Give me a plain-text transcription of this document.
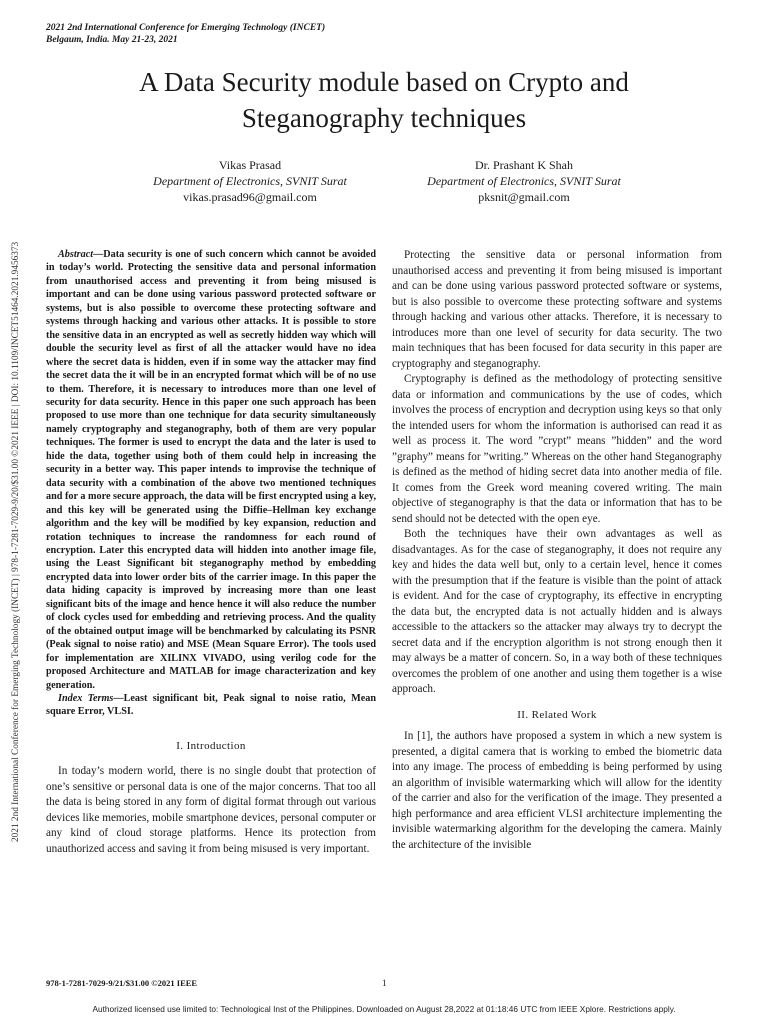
2021 2nd International Conference for Emerging Technology (INCET)
Belgaum, India. May 21-23, 2021
A Data Security module based on Crypto and
Steganography techniques
Vikas Prasad
Department of Electronics, SVNIT Surat
vikas.prasad96@gmail.com
Dr. Prashant K Shah
Department of Electronics, SVNIT Surat
pksnit@gmail.com
2021 2nd International Conference for Emerging Technology (INCET) | 978-1-7281-7029-9/20/$31.00 ©2021 IEEE | DOI: 10.1109/INCET51464.2021.9456373	Abstract—Data security is one of such concern which cannot be avoided in today’s world. Protecting the sensitive data and personal information from unauthorised access and preventing it from being misused is important and can be done using various password protected software or systems, but is also possible to overcome these protecting software and systems through hacking and various other attacks. It is possible to store the sensitive data in an encrypted as well as secretly hidden way which will double the security level as first of all the attacker would have no idea where the secret data is hidden, even if in some way the attacker may find the secret data the it will be in an encrypted format which will be of no use to them. Therefore, it is necessary to introduces more than one level of security for data security. Hence in this paper one such approach has been proposed to use more than one technique for data security simultaneously namely cryptography and steganography, both of them are very popular techniques. The former is used to encrypt the data and the later is used to hide the data, together using both of them could help in increasing the security in a better way. This paper intends to improvise the technique of data security with a combination of the above two mentioned techniques and for a more secure approach, the data will be first encrypted using a key, and this key will be generated using the Diffie–Hellman key exchange algorithm and the key will be modified by key expansion, reduction and rotation techniques to increase the randomness for each round of encryption. Later this encrypted data will hidden into another image file, using the Least Significant bit steganography method by embedding encrypted data into lower order bits of the carrier image. In this paper the data hiding capacity is improved by increasing more than one least significant bits of the image and hence hence it will also reduce the number of clock cycles used for embedding and retrieving process. And the quality of the obtained output image will be benchmarked by calculating its PSNR (Peak signal to noise ratio) and MSE (Mean Square Error). The tools used for implementation are XILINX VIVADO, using verilog code for the proposed Architecture and MATLAB for image characterization and key generation.
Index Terms—Least significant bit, Peak signal to noise ratio, Mean square Error, VLSI.
I. Introduction

In today’s modern world, there is no single doubt that protection of one’s sensitive or personal data is one of the major concerns. That too all the data is being stored in any form of digital format through out various devices like memories, mobile smartphone devices, personal computer or any kind of cloud storage platforms. Hence its protection from unauthorized access and saving it from being misused is very important.

Protecting the sensitive data or personal information from unauthorised access and preventing it from being misused is important and can be done using various password protected software or systems, but is also possible to overcome these protecting software and systems through hacking and various other attacks. Therefore, it is necessary to introduces more than one level of security for data security. The two main techniques that has been focused for data security in this paper are cryptography and steganography.

Cryptography is defined as the methodology of protecting sensitive data or information and communications by the use of codes, which involves the process of encryption and decryption using keys so that only the intended users for whom the information is authorised can read it as well as process it. The word ”crypt” means ”hidden” and the word ”graphy” means for ”writing.” Whereas on the other hand Steganography is defined as the method of hiding secret data into another media of file. It comes from the Greek word meaning covered writing. The main objective of steganography is that the data or information that has to be send should not be detected with the open eye.

Both the techniques have their own advantages as well as disadvantages. As for the case of steganography, it does not require any key and hides the data well but, only to a certain level, hence it comes with the presumption that if the feature is visible than the point of attack is evident. And for the case of cryptography, its effective in encrypting the data but, the encrypted data is not actually hidden and is always accessible to the attackers so the attacker may always try to decrypt the secret data and if the encryption algorithm is not strong enough then it may always be a matter of concern. So, in a way both of these techniques overcomes the problem of one another and using them together is a wise approach.

II. Related Work

In [1], the authors have proposed a system in which a new system is presented, a digital camera that is working to embed the biometric data into any image. The process of embedding is being performed by using an algorithm of invisible watermarking which will allow for the identity of the carrier and also for the verification of the image. They presented a high performance and area efficient VLSI architecture implementing the invisible watermarking algorithm for the developing the camera. Mainly the architecture of the invisible

978-1-7281-7029-9/21/$31.00 ©2021 IEEE	1
Authorized licensed use limited to: Technological Inst of the Philippines. Downloaded on August 28,2022 at 01:18:46 UTC from IEEE Xplore. Restrictions apply.
